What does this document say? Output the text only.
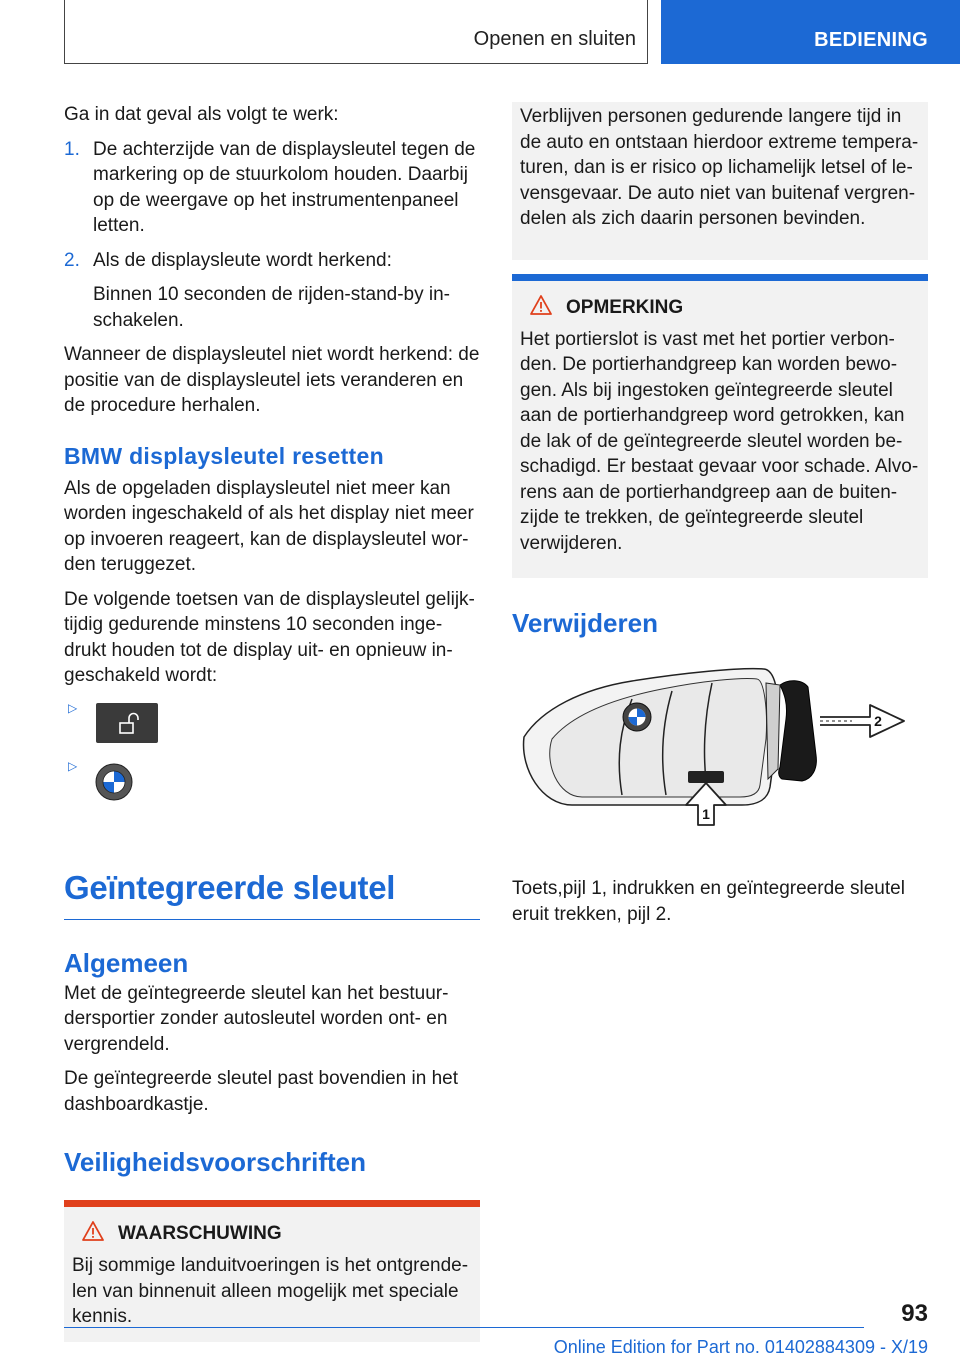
Openen en sluiten	BEDIENING

Ga in dat geval als volgt te werk:

1. De achterzijde van de displaysleutel tegen de markering op de stuurkolom houden. Daarbij op de weergave op het instrumentenpaneel letten.
2. Als de displaysleute wordt herkend:
Binnen 10 seconden de rijden-stand-by in-schakelen.

Wanneer de displaysleutel niet wordt herkend: de positie van de displaysleutel iets veranderen en de procedure herhalen.

BMW displaysleutel resetten

Als de opgeladen displaysleutel niet meer kan worden ingeschakeld of als het display niet meer op invoeren reageert, kan de displaysleutel wor-den teruggezet.

De volgende toetsen van de displaysleutel gelijk-tijdig gedurende minstens 10 seconden inge-drukt houden tot de display uit- en opnieuw in-geschakeld wordt:

▷
▷
Geïntegreerde sleutel
Algemeen

Met de geïntegreerde sleutel kan het bestuur-dersportier zonder autosleutel worden ont- en vergrendeld.

De geïntegreerde sleutel past bovendien in het dashboardkastje.

Veiligheidsvoorschriften
WAARSCHUWING

Bij sommige landuitvoeringen is het ontgrende-len van binnenuit alleen mogelijk met speciale kennis.

Verblijven personen gedurende langere tijd in de auto en ontstaan hierdoor extreme tempera-turen, dan is er risico op lichamelijk letsel of le-vensgevaar. De auto niet van buitenaf vergren-delen als zich daarin personen bevinden.

OPMERKING

Het portierslot is vast met het portier verbon-den. De portierhandgreep kan worden bewo-gen. Als bij ingestoken geïntegreerde sleutel aan de portierhandgreep word getrokken, kan de lak of de geïntegreerde sleutel worden be-schadigd. Er bestaat gevaar voor schade. Alvo-rens aan de portierhandgreep aan de buiten-zijde te trekken, de geïntegreerde sleutel verwijderen.

Verwijderen
1
2

Toets,pijl 1, indrukken en geïntegreerde sleutel eruit trekken, pijl 2.

93
Online Edition for Part no. 01402884309 - X/19
